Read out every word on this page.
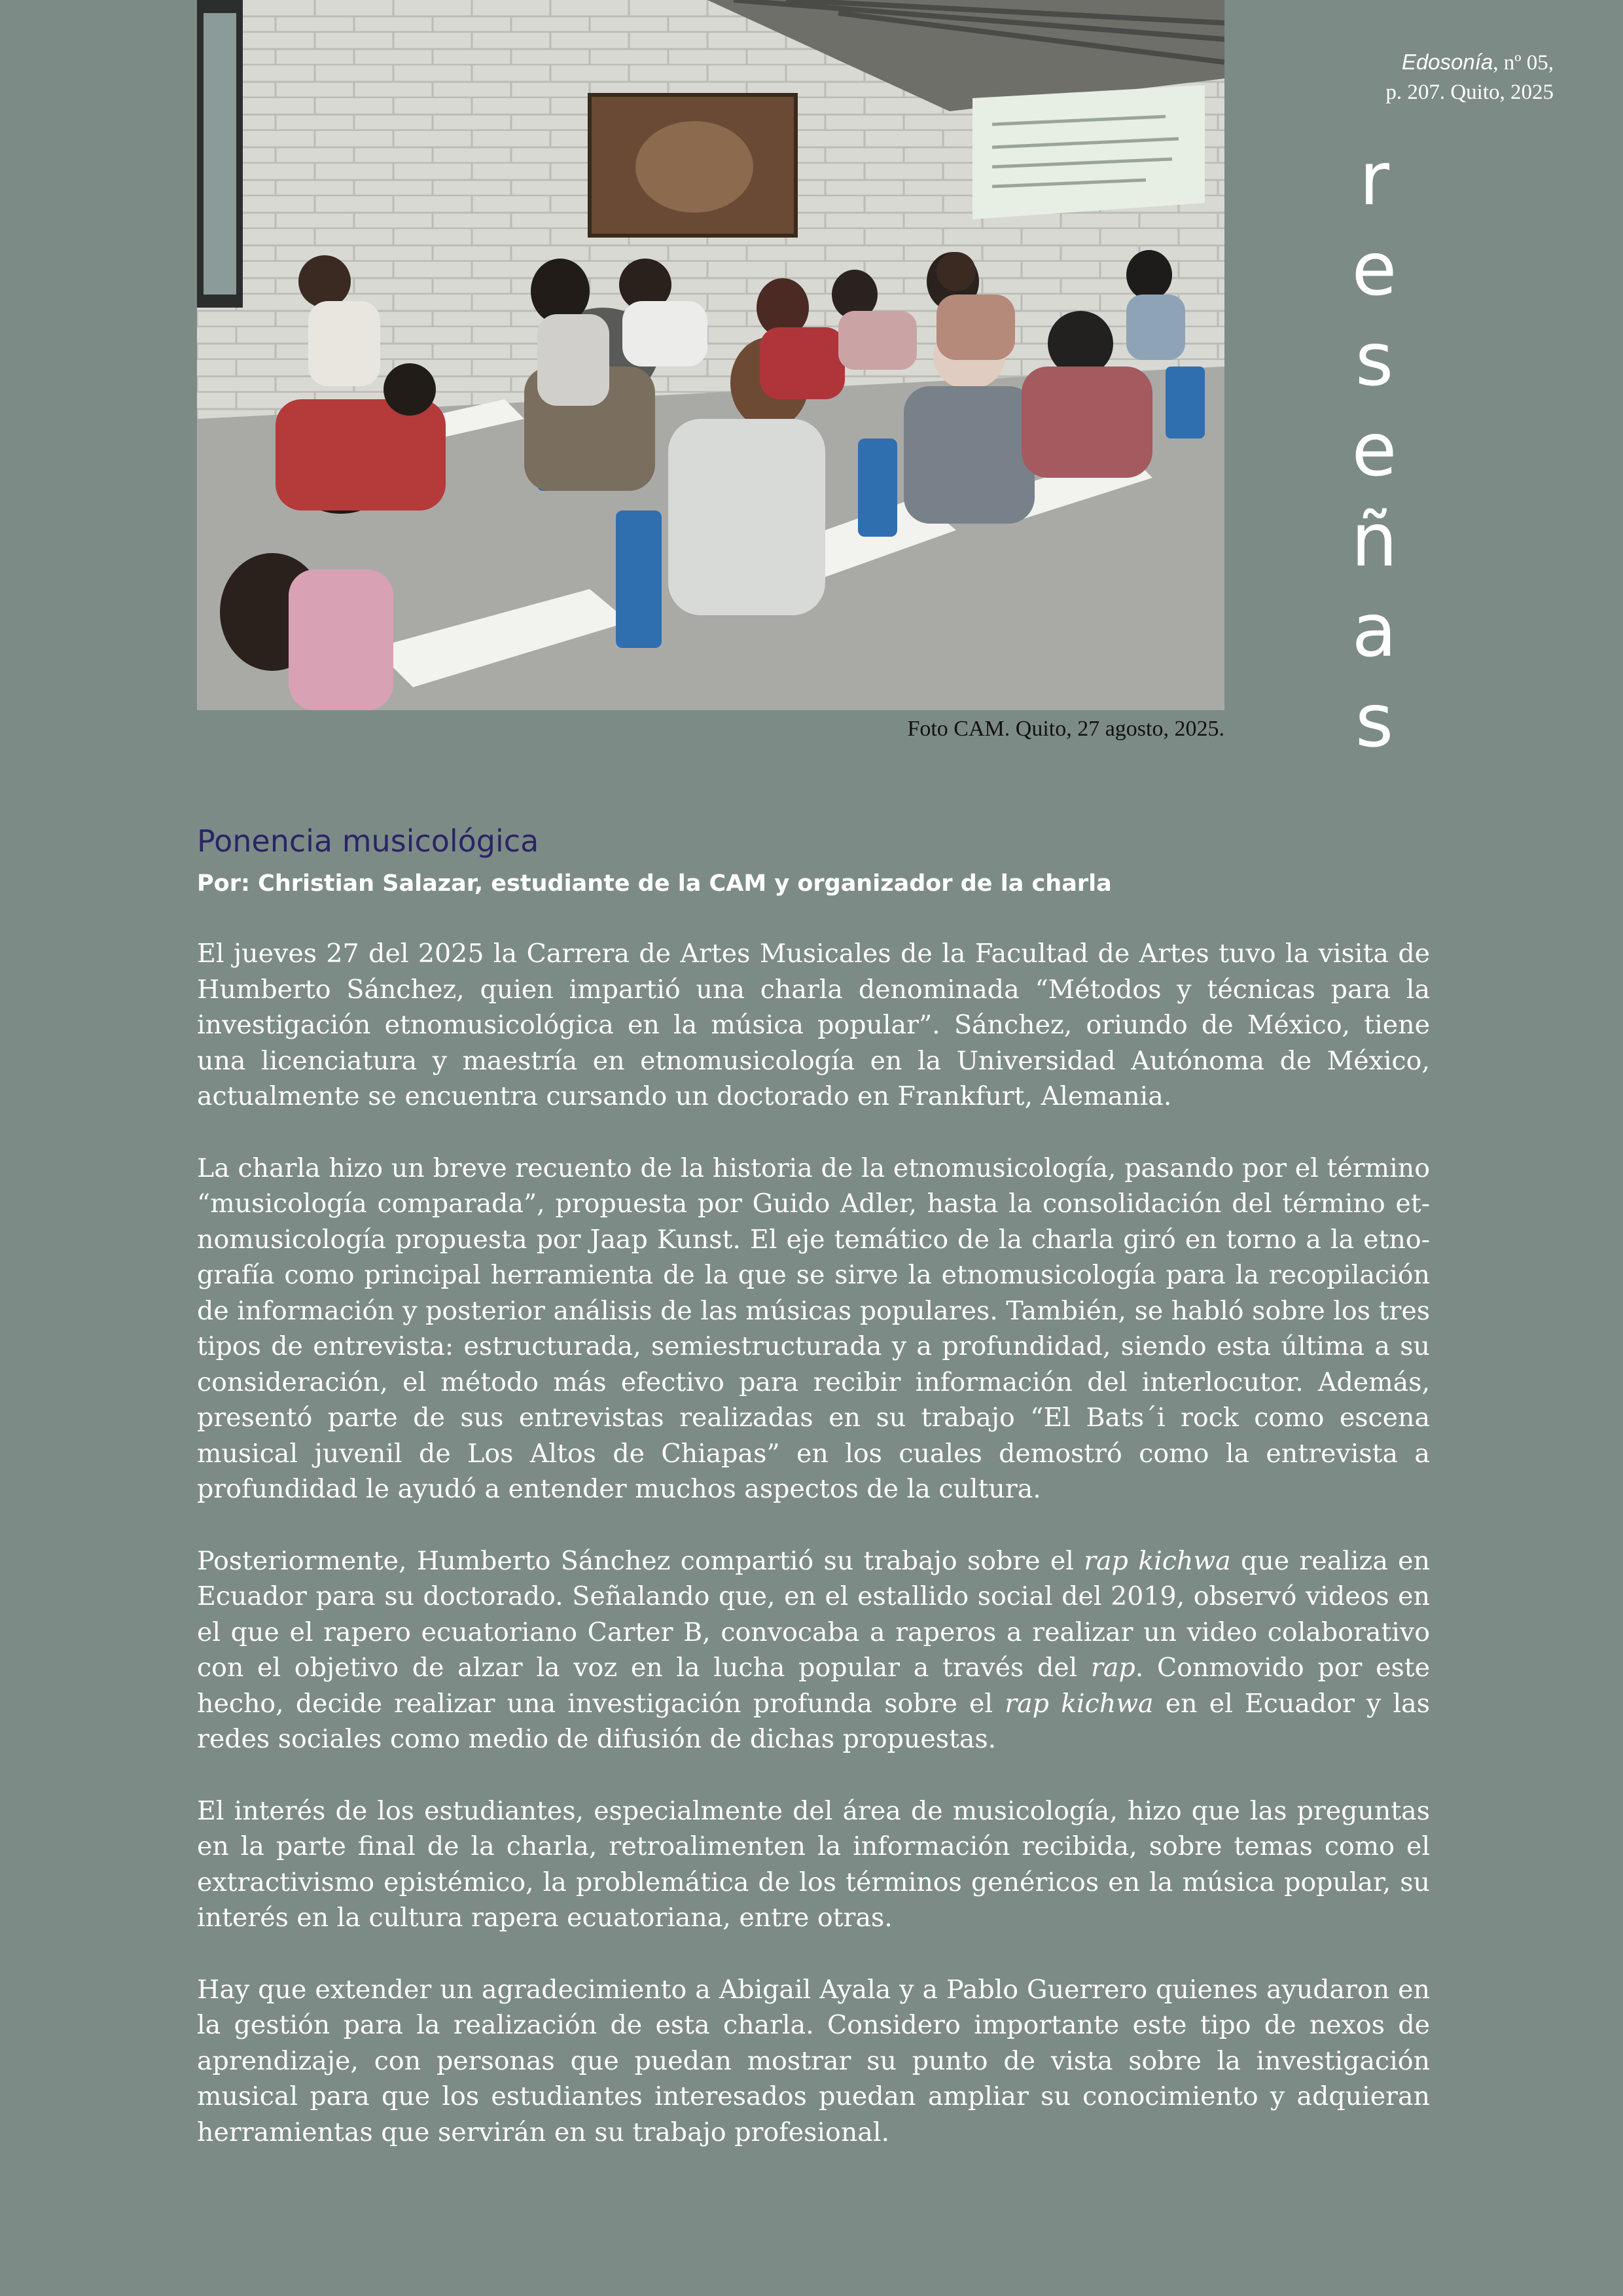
Foto CAM. Quito, 27 agosto, 2025.
Edosonía, nº 05,
p. 207. Quito, 2025
r
e
s
e
ñ
a
s
Ponencia musicológica
Por: Christian Salazar, estudiante de la CAM y organizador de la charla

El jueves 27 del 2025 la Carrera de Artes Musicales de la Facultad de Artes tuvo la visita de Humberto Sánchez, quien impartió una charla denominada “Métodos y técnicas para la investigación etnomusicológica en la música popular”. Sánchez, oriundo de México, tiene una licenciatura y maestría en etnomusicología en la Universidad Autónoma de México, actualmente se encuentra cursando un doctorado en Frankfurt, Alemania.

La charla hizo un breve recuento de la historia de la etnomusicología, pasando por el término “musicología comparada”, propuesta por Guido Adler, hasta la consolidación del término etnomusicología propuesta por Jaap Kunst. El eje temático de la charla giró en torno a la etnografía como principal herramienta de la que se sirve la etnomusicología para la recopilación de información y posterior análisis de las músicas populares. También, se habló sobre los tres tipos de entrevista: estructurada, semiestructurada y a profundidad, siendo esta última a su consideración, el método más efectivo para recibir información del interlocutor. Además, presentó parte de sus entrevistas realizadas en su trabajo “El Bats´i rock como escena musical juvenil de Los Altos de Chiapas” en los cuales demostró como la entrevista a profundidad le ayudó a entender muchos aspectos de la cultura.

Posteriormente, Humberto Sánchez compartió su trabajo sobre el rap kichwa que realiza en Ecuador para su doctorado. Señalando que, en el estallido social del 2019, observó videos en el que el rapero ecuatoriano Carter B, convocaba a raperos a realizar un video colaborativo con el objetivo de alzar la voz en la lucha popular a través del rap. Conmovido por este hecho, decide realizar una investigación profunda sobre el rap kichwa en el Ecuador y las redes sociales como medio de difusión de dichas propuestas.

El interés de los estudiantes, especialmente del área de musicología, hizo que las preguntas en la parte final de la charla, retroalimenten la información recibida, sobre temas como el extractivismo epistémico, la problemática de los términos genéricos en la música popular, su interés en la cultura rapera ecuatoriana, entre otras.

Hay que extender un agradecimiento a Abigail Ayala y a Pablo Guerrero quienes ayudaron en la gestión para la realización de esta charla. Considero importante este tipo de nexos de aprendizaje, con personas que puedan mostrar su punto de vista sobre la investigación musical para que los estudiantes interesados puedan ampliar su conocimiento y adquieran herramientas que servirán en su trabajo profesional.
